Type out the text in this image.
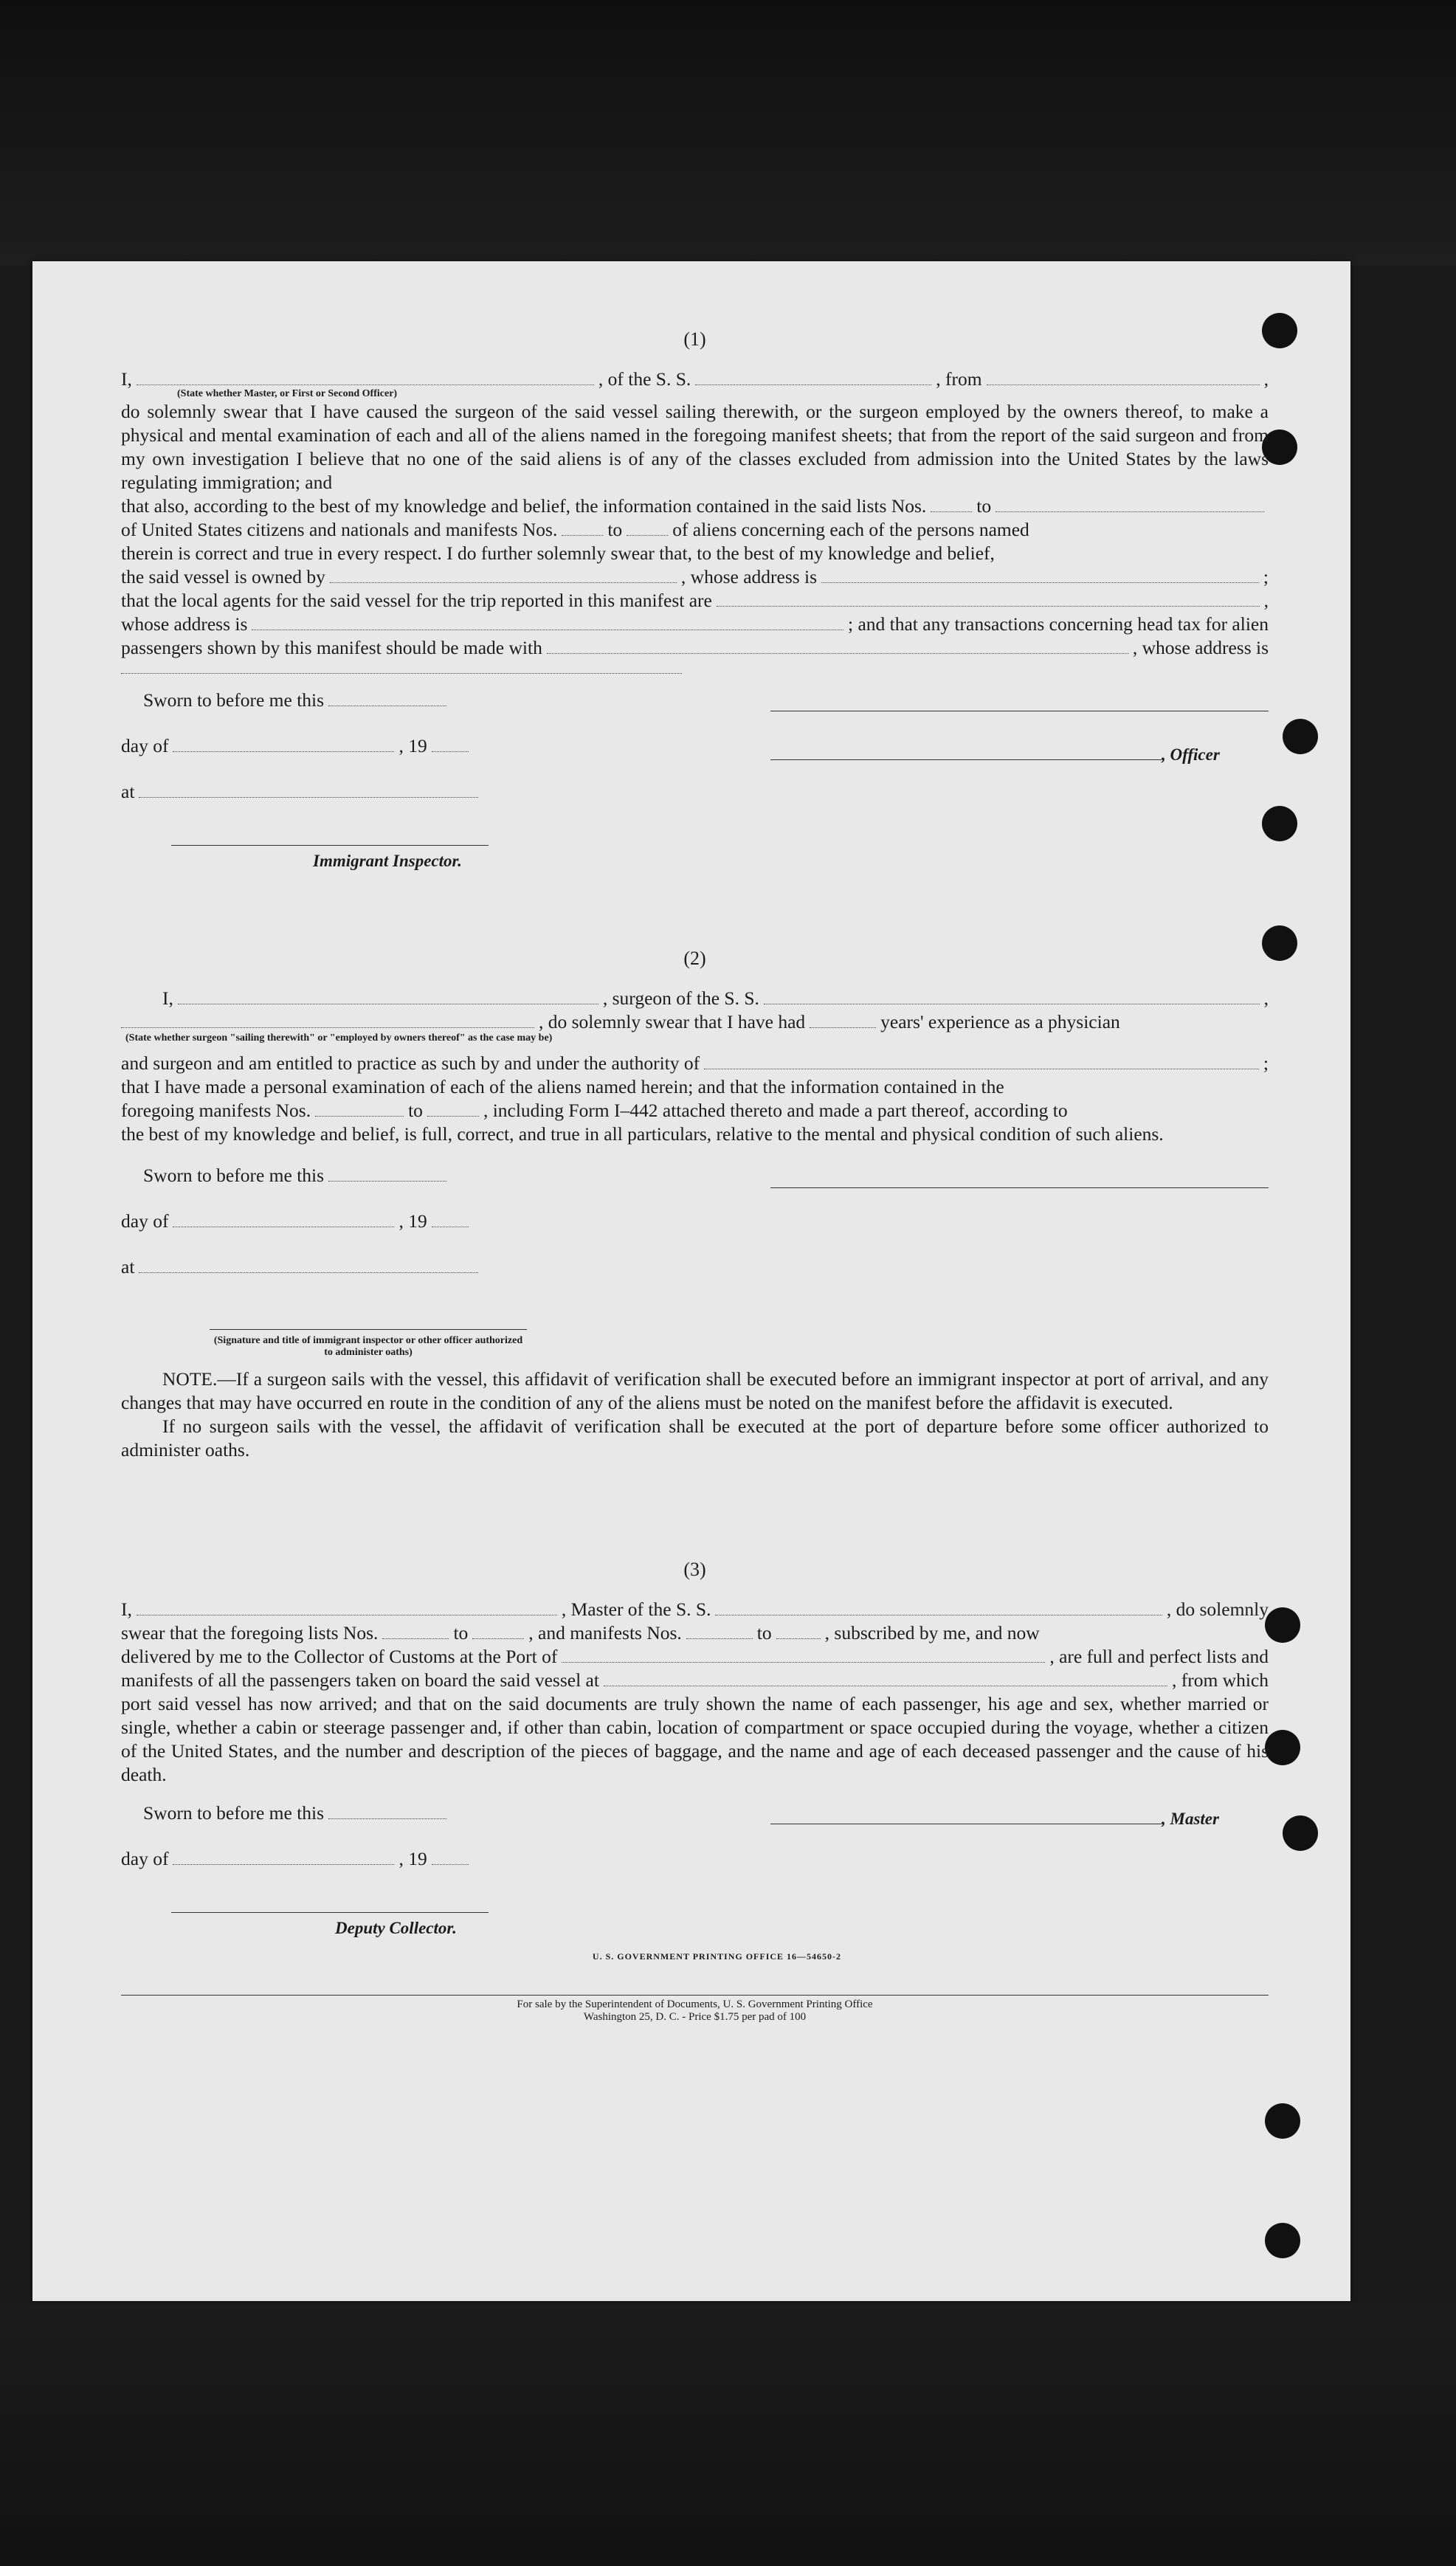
(1)
I,	, of the S. S.	, from	,
(State whether Master, or First or Second Officer)

do solemnly swear that I have caused the surgeon of the said vessel sailing therewith, or the surgeon employed by the owners thereof, to make a physical and mental examination of each and all of the aliens named in the foregoing manifest sheets; that from the report of the said surgeon and from my own investigation I believe that no one of the said aliens is of any of the classes excluded from admission into the United States by the laws regulating immigration; and

that also, according to the best of my knowledge and belief, the information contained in the said lists Nos.	to
of United States citizens and nationals and manifests Nos.	to	of aliens concerning each of the persons named
therein is correct and true in every respect. I do further solemnly swear that, to the best of my knowledge and belief,
the said vessel is owned by	, whose address is	;
that the local agents for the said vessel for the trip reported in this manifest are	,
whose address is	; and that any transactions concerning head tax for alien
passengers shown by this manifest should be made with	, whose address is
Sworn to before me this
day of	, 19
at
Immigrant Inspector.
, Officer
(2)
I,	, surgeon of the S. S.	,
, do solemnly swear that I have had	years' experience as a physician
(State whether surgeon "sailing therewith" or "employed by owners thereof" as the case may be)
and surgeon and am entitled to practice as such by and under the authority of	;

that I have made a personal examination of each of the aliens named herein; and that the information contained in the

foregoing manifests Nos.	to	, including Form I–442 attached thereto and made a part thereof, according to

the best of my knowledge and belief, is full, correct, and true in all particulars, relative to the mental and physical condition of such aliens.

Sworn to before me this
day of	, 19
at
(Signature and title of immigrant inspector or other officer authorized to administer oaths)

NOTE.—If a surgeon sails with the vessel, this affidavit of verification shall be executed before an immigrant inspector at port of arrival, and any changes that may have occurred en route in the condition of any of the aliens must be noted on the manifest before the affidavit is executed.

If no surgeon sails with the vessel, the affidavit of verification shall be executed at the port of departure before some officer authorized to administer oaths.

(3)
I,	, Master of the S. S.	, do solemnly
swear that the foregoing lists Nos.	to	, and manifests Nos.	to	, subscribed by me, and now
delivered by me to the Collector of Customs at the Port of	, are full and perfect lists and
manifests of all the passengers taken on board the said vessel at	, from which

port said vessel has now arrived; and that on the said documents are truly shown the name of each passenger, his age and sex, whether married or single, whether a cabin or steerage passenger and, if other than cabin, location of compartment or space occupied during the voyage, whether a citizen of the United States, and the number and description of the pieces of baggage, and the name and age of each deceased passenger and the cause of his death.

Sworn to before me this
day of	, 19
, Master
Deputy Collector.
U. S. GOVERNMENT PRINTING OFFICE 16—54650-2
For sale by the Superintendent of Documents, U. S. Government Printing Office
Washington 25, D. C. - Price $1.75 per pad of 100
